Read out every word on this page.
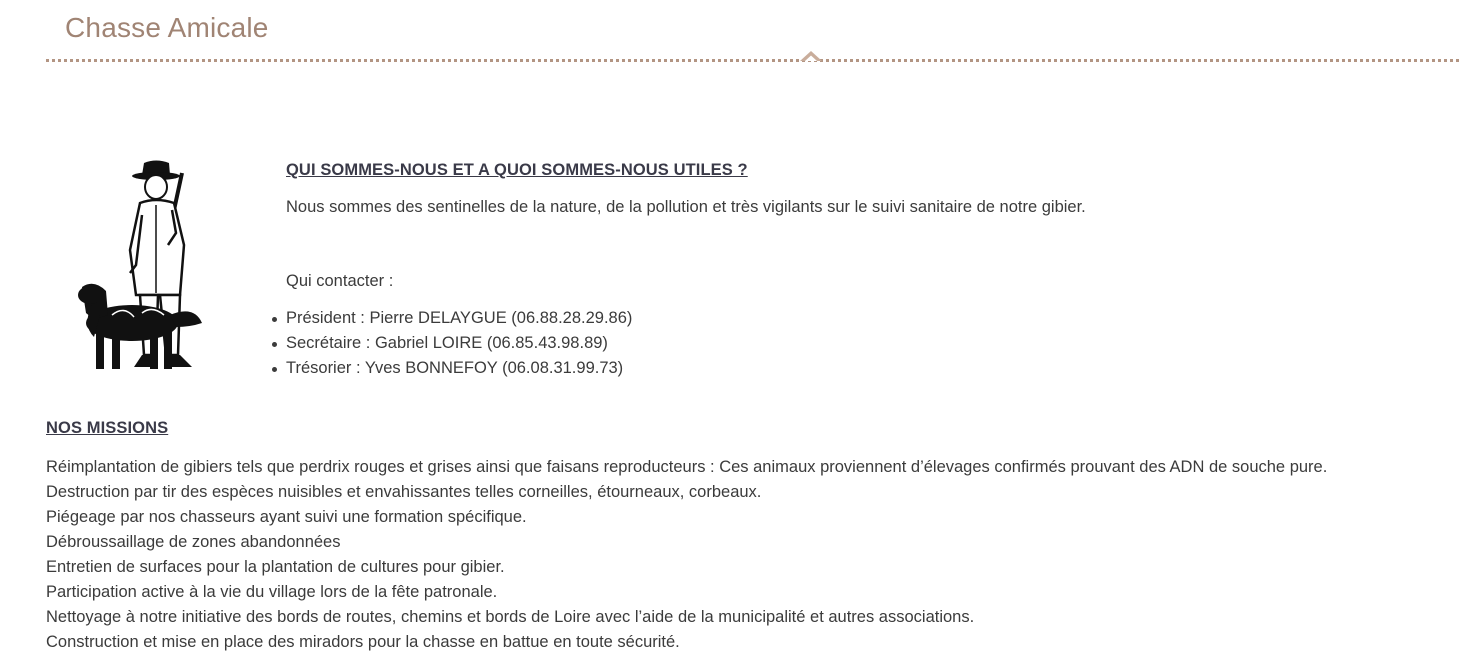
Chasse Amicale
QUI SOMMES-NOUS ET A QUOI SOMMES-NOUS UTILES ?

Nous sommes des sentinelles de la nature, de la pollution et très vigilants sur le suivi sanitaire de notre gibier.

Qui contacter :

Président : Pierre DELAYGUE (06.88.28.29.86)
Secrétaire : Gabriel LOIRE (06.85.43.98.89)
Trésorier : Yves BONNEFOY (06.08.31.99.73)
NOS MISSIONS
Réimplantation de gibiers tels que perdrix rouges et grises ainsi que faisans reproducteurs : Ces animaux proviennent d’élevages confirmés prouvant des ADN de souche pure.
Destruction par tir des espèces nuisibles et envahissantes telles corneilles, étourneaux, corbeaux.
Piégeage par nos chasseurs ayant suivi une formation spécifique.
Débroussaillage de zones abandonnées
Entretien de surfaces pour la plantation de cultures pour gibier.
Participation active à la vie du village lors de la fête patronale.
Nettoyage à notre initiative des bords de routes, chemins et bords de Loire avec l’aide de la municipalité et autres associations.
Construction et mise en place des miradors pour la chasse en battue en toute sécurité.
